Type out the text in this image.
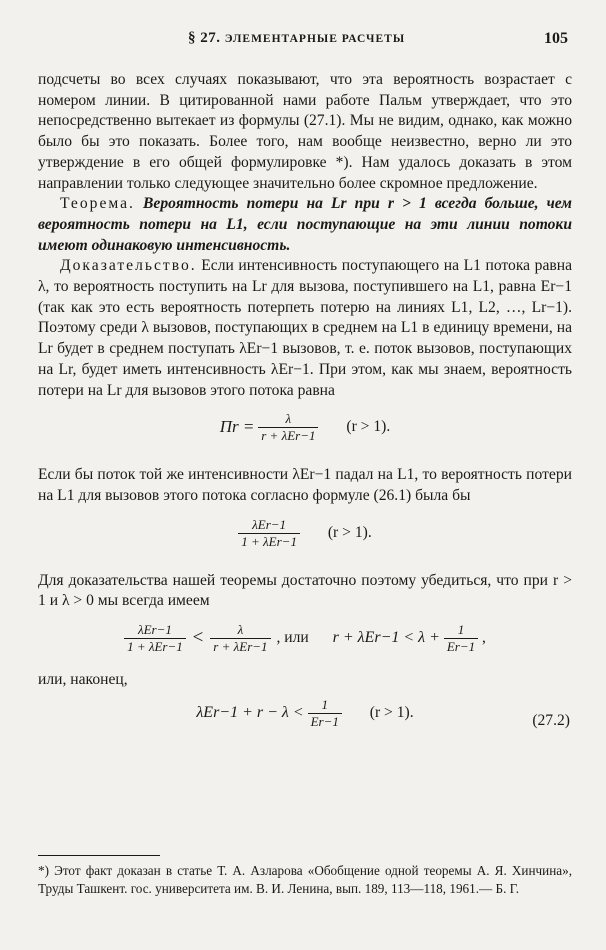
§ 27. ЭЛЕМЕНТАРНЫЕ РАСЧЕТЫ	105

подсчеты во всех случаях показывают, что эта вероятность возрастает с номером линии. В цитированной нами работе Пальм утверждает, что это непосредственно вытекает из формулы (27.1). Мы не видим, однако, как можно было бы это показать. Более того, нам вообще неизвестно, верно ли это утверждение в его общей формулировке *). Нам удалось доказать в этом направлении только следующее значительно более скромное предложение.

Теорема. Вероятность потери на Lr при r > 1 всегда больше, чем вероятность потери на L1, если поступающие на эти линии потоки имеют одинаковую интенсивность.

Доказательство. Если интенсивность поступающего на L1 потока равна λ, то вероятность поступить на Lr для вызова, поступившего на L1, равна Er−1 (так как это есть вероятность потерпеть потерю на линиях L1, L2, …, Lr−1). Поэтому среди λ вызовов, поступающих в среднем на L1 в единицу времени, на Lr будет в среднем поступать λEr−1 вызовов, т. е. поток вызовов, поступающих на Lr, будет иметь интенсивность λEr−1. При этом, как мы знаем, вероятность потери на Lr для вызовов этого потока равна

$\Pi r = \frac{\lambda}{\text{r + λEr−1}} (r > 1)$.

Если бы поток той же интенсивности λEr−1 падал на L1, то вероятность потери на L1 для вызовов этого потока согласно формуле (26.1) была бы

$\frac{\text{λEr−1}}{\text{1 + λEr−1}} (r > 1)$.

Для доказательства нашей теоремы достаточно поэтому убедиться, что при r > 1 и λ > 0 мы всегда имеем

$\frac{\text{λEr−1}}{\text{1 + λEr−1}} < \frac{\lambda}{\text{r + λEr−1}}$ , или $r + \lambda Er-1 < \lambda + \frac{1}{Er-1}$ ,

или, наконец,

$\lambda Er-1 + r - \lambda < \frac{1}{Er-1} (r > 1)$.	(27.2)
*) Этот факт доказан в статье Т. А. Азларова «Обобщение одной теоремы А. Я. Хинчина», Труды Ташкент. гос. университета им. В. И. Ленина, вып. 189, 113—118, 1961.— Б. Г.
